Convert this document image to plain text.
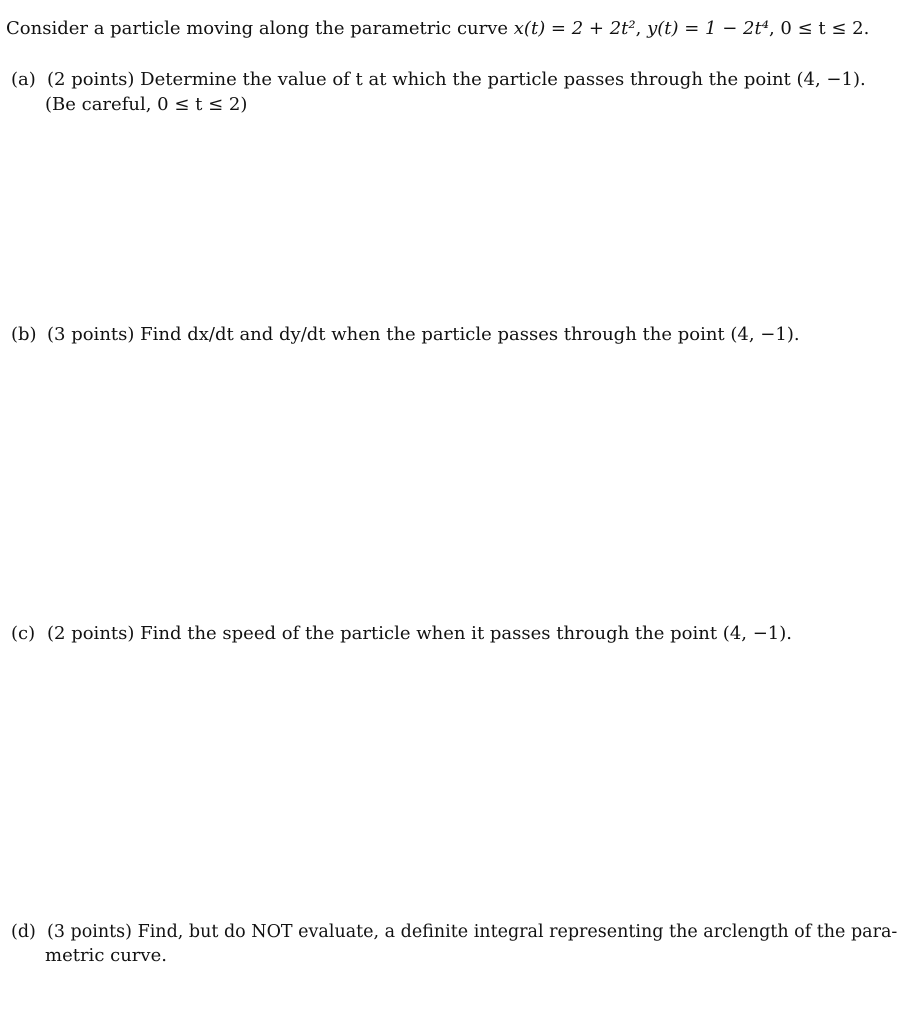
Consider a particle moving along the parametric curve x(t) = 2 + 2t², y(t) = 1 − 2t⁴, 0 ≤ t ≤ 2.
(a) (2 points) Determine the value of t at which the particle passes through the point (4, −1).
(Be careful, 0 ≤ t ≤ 2)
(b) (3 points) Find dx/dt and dy/dt when the particle passes through the point (4, −1).
(c) (2 points) Find the speed of the particle when it passes through the point (4, −1).
(d) (3 points) Find, but do NOT evaluate, a definite integral representing the arclength of the para-
metric curve.
